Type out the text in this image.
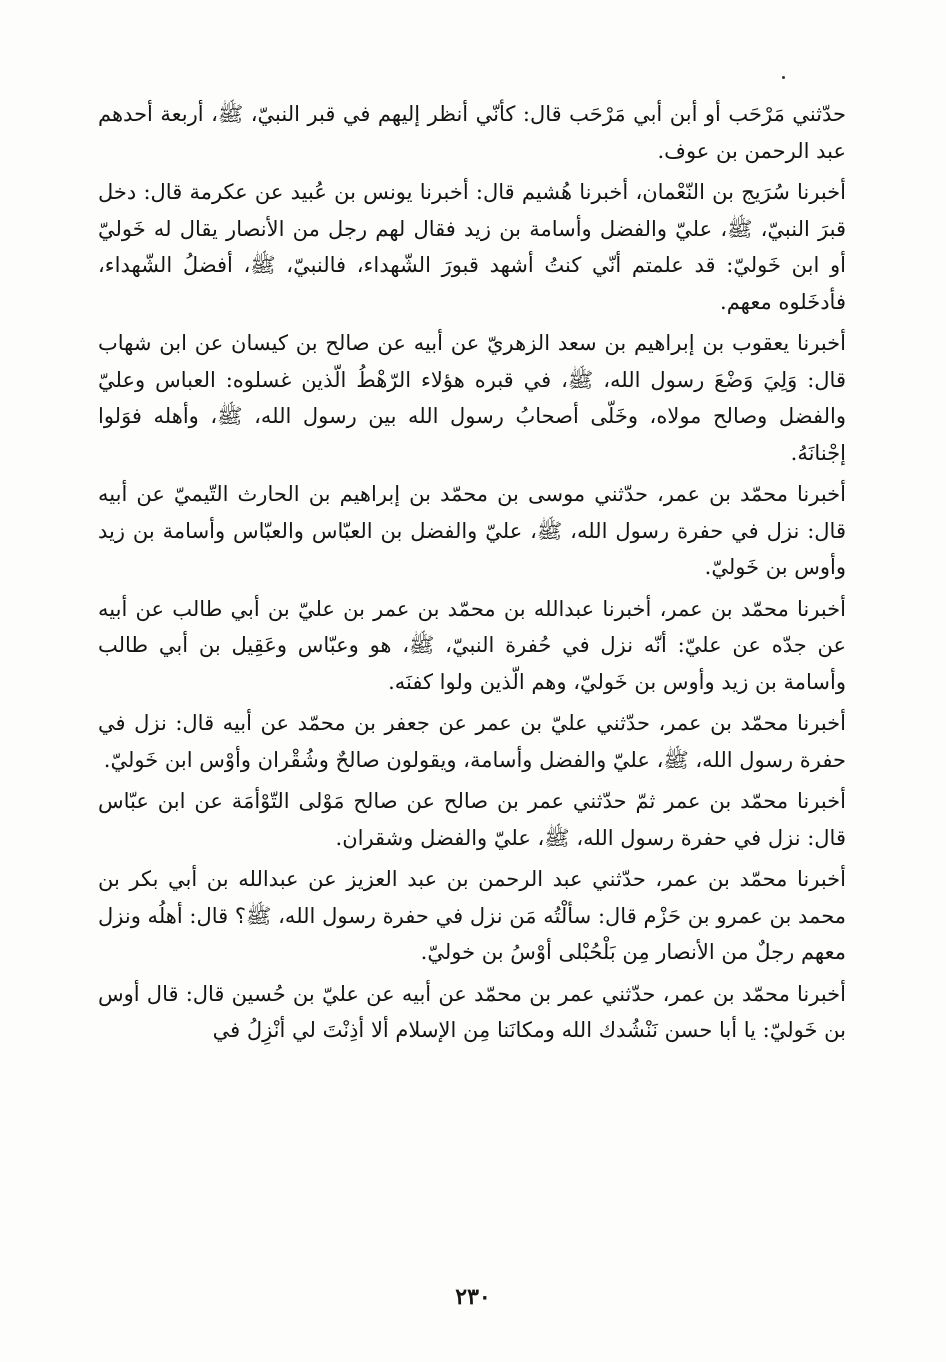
حدّثني مَرْحَب أو أبن أبي مَرْحَب قال: كأنّي أنظر إليهم في قبر النبيّ، ﷺ، أربعة أحدهم عبد الرحمن بن عوف.

أخبرنا سُرَيج بن النّعْمان، أخبرنا هُشيم قال: أخبرنا يونس بن عُبيد عن عكرمة قال: دخل قبرَ النبيّ، ﷺ، عليّ والفضل وأسامة بن زيد فقال لهم رجل من الأنصار يقال له خَوليّ أو ابن خَوليّ: قد علمتم أنّي كنتُ أشهد قبورَ الشّهداء، فالنبيّ، ﷺ، أفضلُ الشّهداء، فأدخَلوه معهم.

أخبرنا يعقوب بن إبراهيم بن سعد الزهريّ عن أبيه عن صالح بن كيسان عن ابن شهاب قال: وَلِيَ وَضْعَ رسول الله، ﷺ، في قبره هؤلاء الرّهْطُ الّذين غسلوه: العباس وعليّ والفضل وصالح مولاه، وخَلّى أصحابُ رسول الله بين رسول الله، ﷺ، وأهله فوَلوا إجْنانَهُ.

أخبرنا محمّد بن عمر، حدّثني موسى بن محمّد بن إبراهيم بن الحارث التّيميّ عن أبيه قال: نزل في حفرة رسول الله، ﷺ، عليّ والفضل بن العبّاس والعبّاس وأسامة بن زيد وأوس بن خَوليّ.

أخبرنا محمّد بن عمر، أخبرنا عبدالله بن محمّد بن عمر بن عليّ بن أبي طالب عن أبيه عن جدّه عن عليّ: أنّه نزل في حُفرة النبيّ، ﷺ، هو وعبّاس وعَقِيل بن أبي طالب وأسامة بن زيد وأوس بن خَوليّ، وهم الّذين ولوا كفنَه.

أخبرنا محمّد بن عمر، حدّثني عليّ بن عمر عن جعفر بن محمّد عن أبيه قال: نزل في حفرة رسول الله، ﷺ، عليّ والفضل وأسامة، ويقولون صالحٌ وشُقْران وأوْس ابن خَوليّ.

أخبرنا محمّد بن عمر ثمّ حدّثني عمر بن صالح عن صالح مَوْلى التّوْأمَة عن ابن عبّاس قال: نزل في حفرة رسول الله، ﷺ، عليّ والفضل وشقران.

أخبرنا محمّد بن عمر، حدّثني عبد الرحمن بن عبد العزيز عن عبدالله بن أبي بكر بن محمد بن عمرو بن حَزْم قال: سألْتُه مَن نزل في حفرة رسول الله، ﷺ؟ قال: أهلُه ونزل معهم رجلٌ من الأنصار مِن بَلْحُبْلى أوْسُ بن خوليّ.

أخبرنا محمّد بن عمر، حدّثني عمر بن محمّد عن أبيه عن عليّ بن حُسين قال: قال أوس بن خَوليّ: يا أبا حسن نَنْشُدك الله ومكانَنا مِن الإسلام ألا أذِنْتَ لي أنْزِلُ في

٢٣٠
